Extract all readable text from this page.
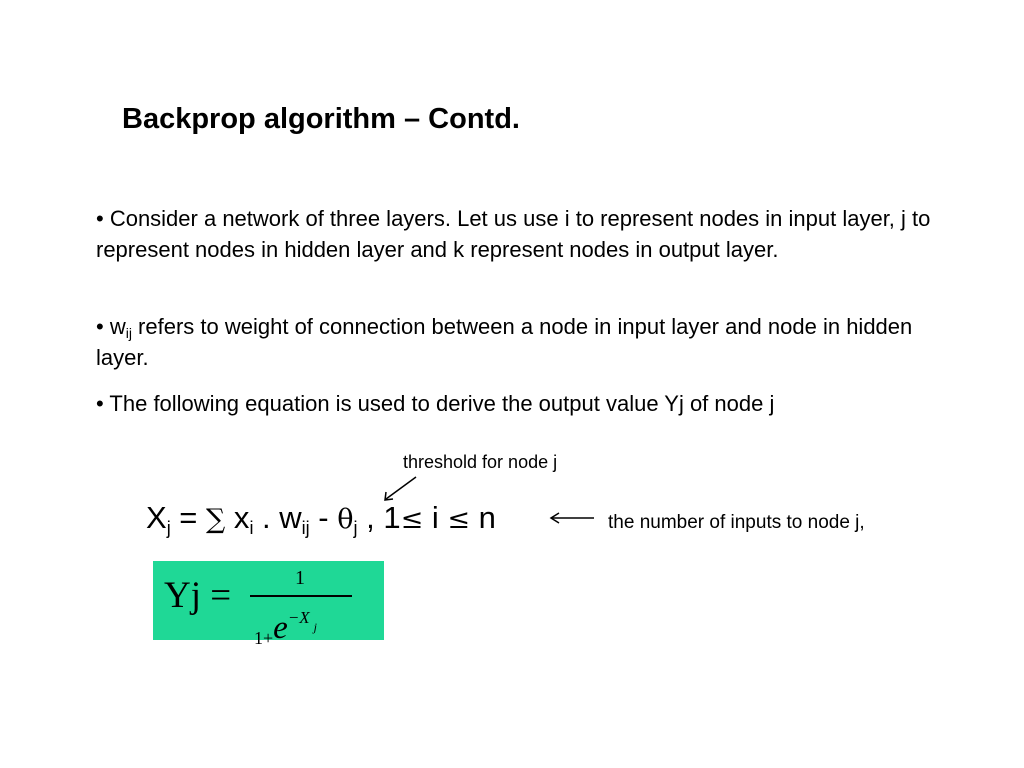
Backprop algorithm – Contd.
• Consider a network of three layers. Let us use i to represent nodes in input layer, j to represent nodes in hidden layer and k represent nodes in output layer.
• $w_{ij}$ refers to weight of connection between a node in input layer and node in hidden layer.
• The following equation is used to derive the output value Yj of node j
threshold for node j
$X_j$ = ∑ $x_i$ . $w_{ij} - \theta_j$ , 1≤ i ≤ n	the number of inputs to node j,
Yj =	1
1+e−X $_j$
